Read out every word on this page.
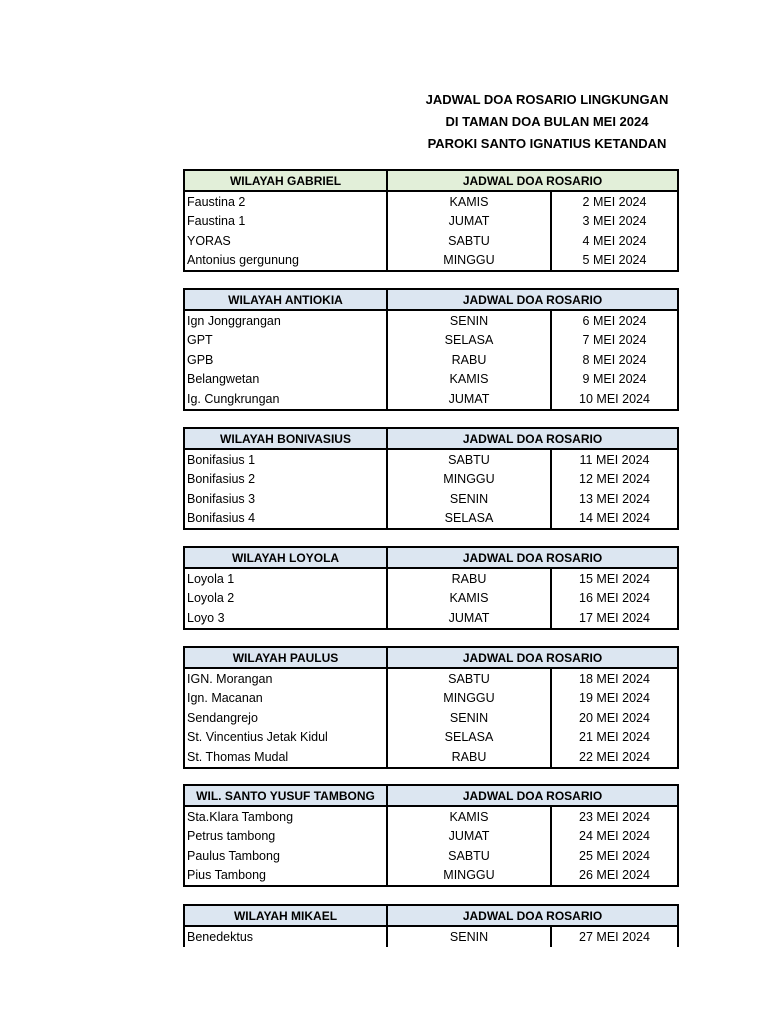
JADWAL DOA ROSARIO LINGKUNGAN
DI TAMAN DOA BULAN MEI 2024
PAROKI SANTO IGNATIUS KETANDAN
WILAYAH GABRIEL	JADWAL DOA ROSARIO	
Faustina 2	KAMIS	2 MEI 2024
Faustina 1	JUMAT	3 MEI 2024
YORAS	SABTU	4 MEI 2024
Antonius gergunung	MINGGU	5 MEI 2024
WILAYAH ANTIOKIA	JADWAL DOA ROSARIO	
Ign Jonggrangan	SENIN	6 MEI 2024
GPT	SELASA	7 MEI 2024
GPB	RABU	8 MEI 2024
Belangwetan	KAMIS	9 MEI 2024
Ig. Cungkrungan	JUMAT	10 MEI 2024
WILAYAH BONIVASIUS	JADWAL DOA ROSARIO	
Bonifasius 1	SABTU	11 MEI 2024
Bonifasius 2	MINGGU	12 MEI 2024
Bonifasius 3	SENIN	13 MEI 2024
Bonifasius 4	SELASA	14 MEI 2024
WILAYAH LOYOLA	JADWAL DOA ROSARIO	
Loyola 1	RABU	15 MEI 2024
Loyola 2	KAMIS	16 MEI 2024
Loyo 3	JUMAT	17 MEI 2024
WILAYAH PAULUS	JADWAL DOA ROSARIO	
IGN. Morangan	SABTU	18 MEI 2024
Ign. Macanan	MINGGU	19 MEI 2024
Sendangrejo	SENIN	20 MEI 2024
St. Vincentius Jetak Kidul	SELASA	21 MEI 2024
St. Thomas Mudal	RABU	22 MEI 2024
WIL. SANTO YUSUF TAMBONG	JADWAL DOA ROSARIO	
Sta.Klara Tambong	KAMIS	23 MEI 2024
Petrus tambong	JUMAT	24 MEI 2024
Paulus Tambong	SABTU	25 MEI 2024
Pius Tambong	MINGGU	26 MEI 2024
WILAYAH MIKAEL	JADWAL DOA ROSARIO	
Benedektus	SENIN	27 MEI 2024
